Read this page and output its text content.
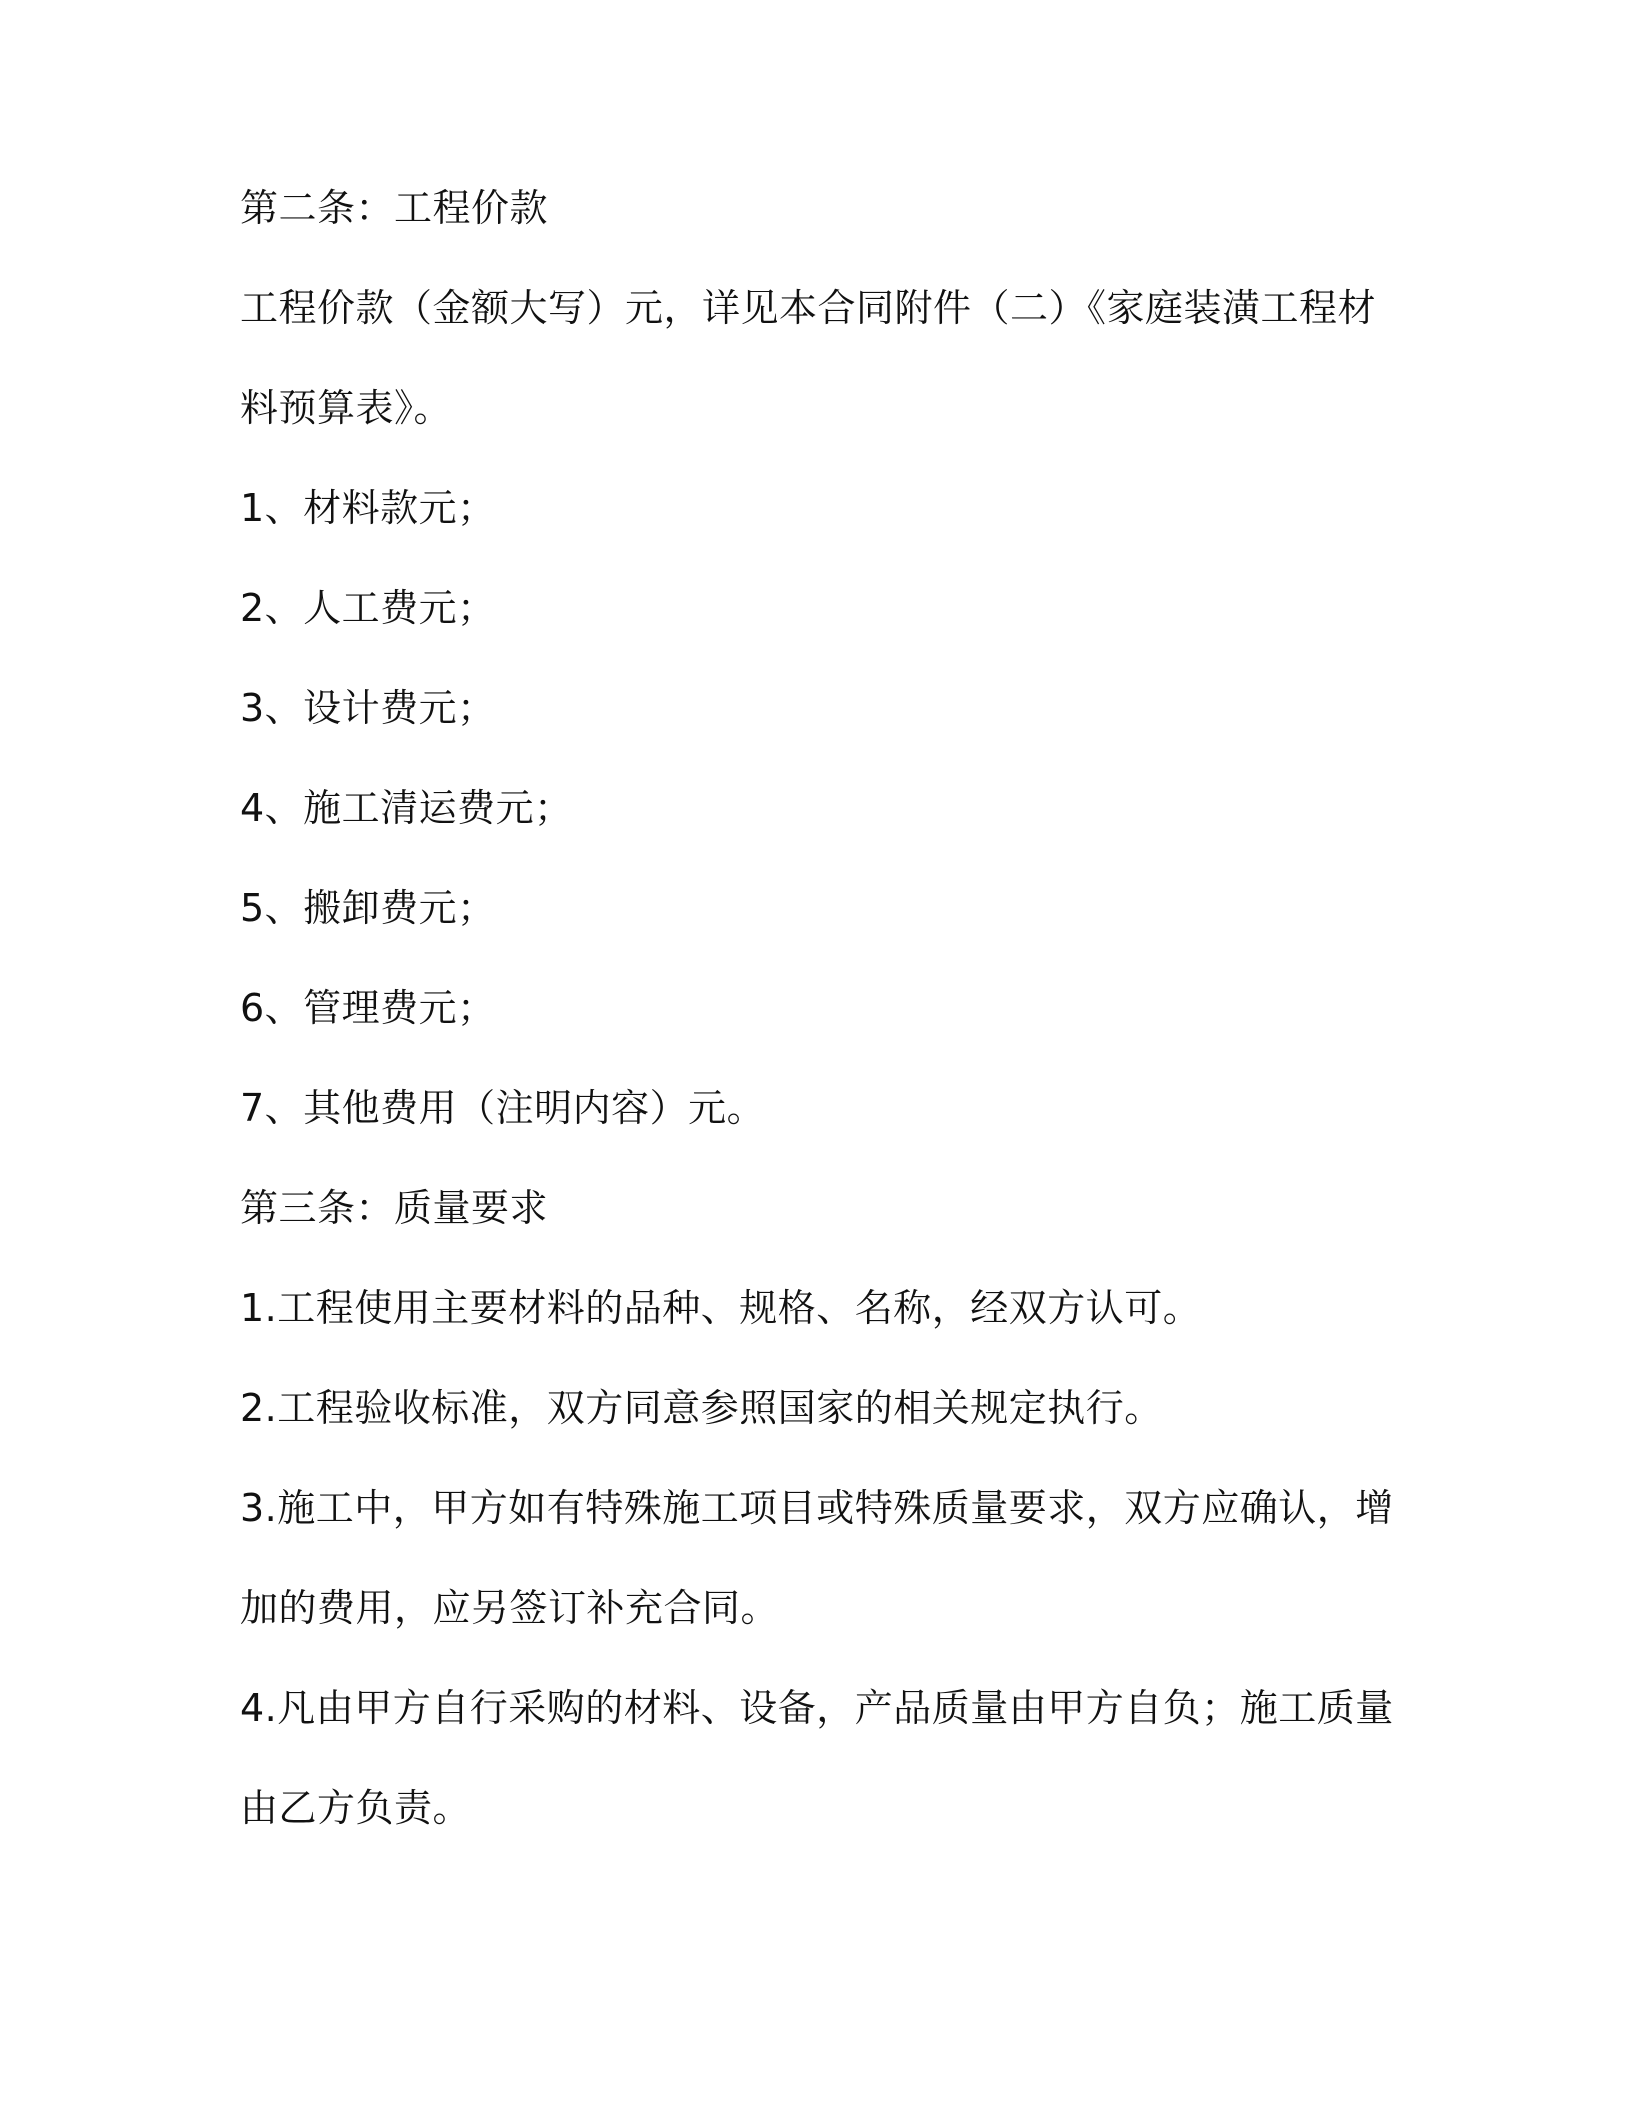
第二条：工程价款
工程价款（金额大写）元，详见本合同附件（二）《家庭装潢工程材
料预算表》。
1、材料款元；
2、人工费元；
3、设计费元；
4、施工清运费元；
5、搬卸费元；
6、管理费元；
7、其他费用（注明内容）元。
第三条：质量要求
1.工程使用主要材料的品种、规格、名称，经双方认可。
2.工程验收标准，双方同意参照国家的相关规定执行。
3.施工中，甲方如有特殊施工项目或特殊质量要求，双方应确认，增
加的费用，应另签订补充合同。
4.凡由甲方自行采购的材料、设备，产品质量由甲方自负；施工质量
由乙方负责。
